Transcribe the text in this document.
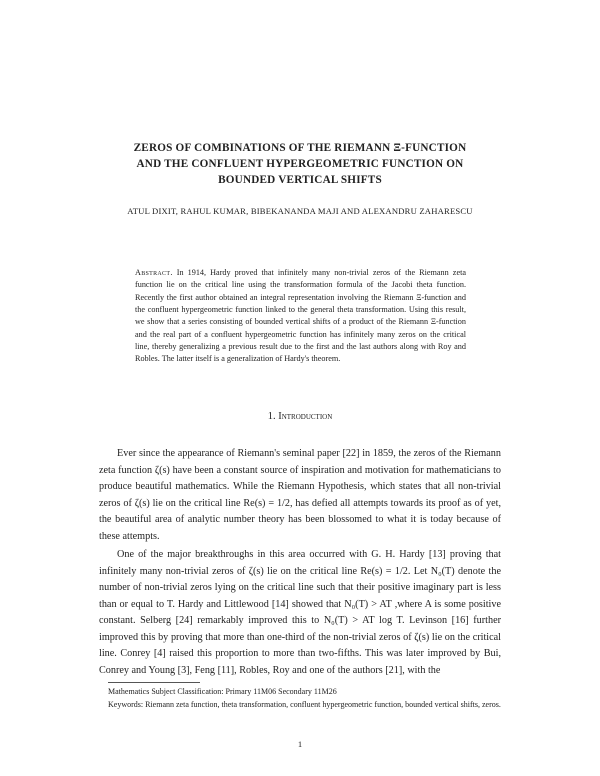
ZEROS OF COMBINATIONS OF THE RIEMANN Ξ-FUNCTION
AND THE CONFLUENT HYPERGEOMETRIC FUNCTION ON
BOUNDED VERTICAL SHIFTS
ATUL DIXIT, RAHUL KUMAR, BIBEKANANDA MAJI AND ALEXANDRU ZAHARESCU
Abstract. In 1914, Hardy proved that infinitely many non-trivial zeros of the Riemann zeta function lie on the critical line using the transformation formula of the Jacobi theta function. Recently the first author obtained an integral representation involving the Riemann Ξ-function and the confluent hypergeometric function linked to the general theta transformation. Using this result, we show that a series consisting of bounded vertical shifts of a product of the Riemann Ξ-function and the real part of a confluent hypergeometric function has infinitely many zeros on the critical line, thereby generalizing a previous result due to the first and the last authors along with Roy and Robles. The latter itself is a generalization of Hardy's theorem.
1. Introduction
Ever since the appearance of Riemann's seminal paper [22] in 1859, the zeros of the Riemann zeta function ζ(s) have been a constant source of inspiration and motivation for mathematicians to produce beautiful mathematics. While the Riemann Hypothesis, which states that all non-trivial zeros of ζ(s) lie on the critical line Re(s) = 1/2, has defied all attempts towards its proof as of yet, the beautiful area of analytic number theory has been blossomed to what it is today because of these attempts.
One of the major breakthroughs in this area occurred with G. H. Hardy [13] proving that infinitely many non-trivial zeros of ζ(s) lie on the critical line Re(s) = 1/2. Let N₀(T) denote the number of non-trivial zeros lying on the critical line such that their positive imaginary part is less than or equal to T. Hardy and Littlewood [14] showed that N₀(T) > AT ,where A is some positive constant. Selberg [24] remarkably improved this to N₀(T) > AT log T. Levinson [16] further improved this by proving that more than one-third of the non-trivial zeros of ζ(s) lie on the critical line. Conrey [4] raised this proportion to more than two-fifths. This was later improved by Bui, Conrey and Young [3], Feng [11], Robles, Roy and one of the authors [21], with the
Mathematics Subject Classification: Primary 11M06 Secondary 11M26
Keywords: Riemann zeta function, theta transformation, confluent hypergeometric function, bounded vertical shifts, zeros.
1
